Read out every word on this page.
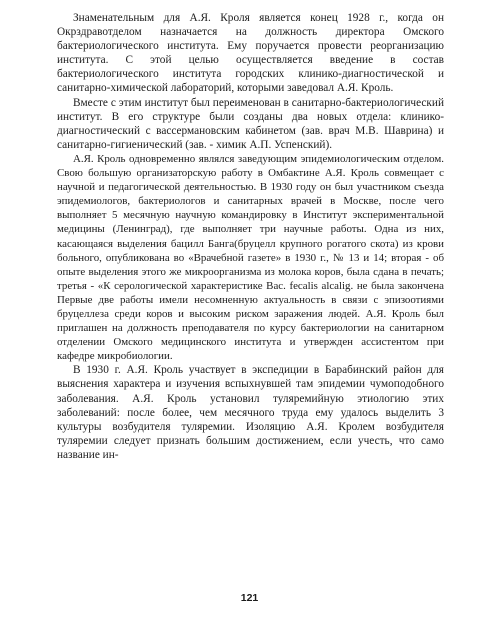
Знаменательным для А.Я. Кроля является конец 1928 г., когда он Окрздравотделом назначается на должность директора Омского бактериологического института. Ему поручается провести реорганизацию института. С этой целью осуществляется введение в состав бактериологического института городских клинико-диагностической и санитарно-химической лабораторий, которыми заведовал А.Я. Кроль.

Вместе с этим институт был переименован в санитарно-бактериологический институт. В его структуре были созданы два новых отдела: клинико-диагностический с вассермановским кабинетом (зав. врач М.В. Шаврина) и санитарно-гигиенический (зав. - химик А.П. Успенский).

А.Я. Кроль одновременно являлся заведующим эпидемиологическим отделом. Свою большую организаторскую работу в Омбактине А.Я. Кроль совмещает с научной и педагогической деятельностью. В 1930 году он был участником съезда эпидемиологов, бактериологов и санитарных врачей в Москве, после чего выполняет 5 месячную научную командировку в Институт экспериментальной медицины (Ленинград), где выполняет три научные работы. Одна из них, касающаяся выделения бацилл Банга(бруцелл крупного рогатого скота) из крови больного, опубликована во «Врачебной газете» в 1930 г., № 13 и 14; вторая - об опыте выделения этого же микроорганизма из молока коров, была сдана в печать; третья - «К серологической характеристике Вас. fecalis alcalig. не была закончена Первые две работы имели несомненную актуальность в связи с эпизоотиями бруцеллеза среди коров и высоким риском заражения людей. А.Я. Кроль был приглашен на должность преподавателя по курсу бактериологии на санитарном отделении Омского медицинского института и утвержден ассистентом при кафедре микробиологии.

В 1930 г. А.Я. Кроль участвует в экспедиции в Барабинский район для выяснения характера и изучения вспыхнувшей там эпидемии чумоподобного заболевания. А.Я. Кроль установил туляремийную этиологию этих заболеваний: после более, чем месячного труда ему удалось выделить 3 культуры возбудителя туляремии. Изоляцию А.Я. Кролем возбудителя туляремии следует признать большим достижением, если учесть, что само название ин-

121
